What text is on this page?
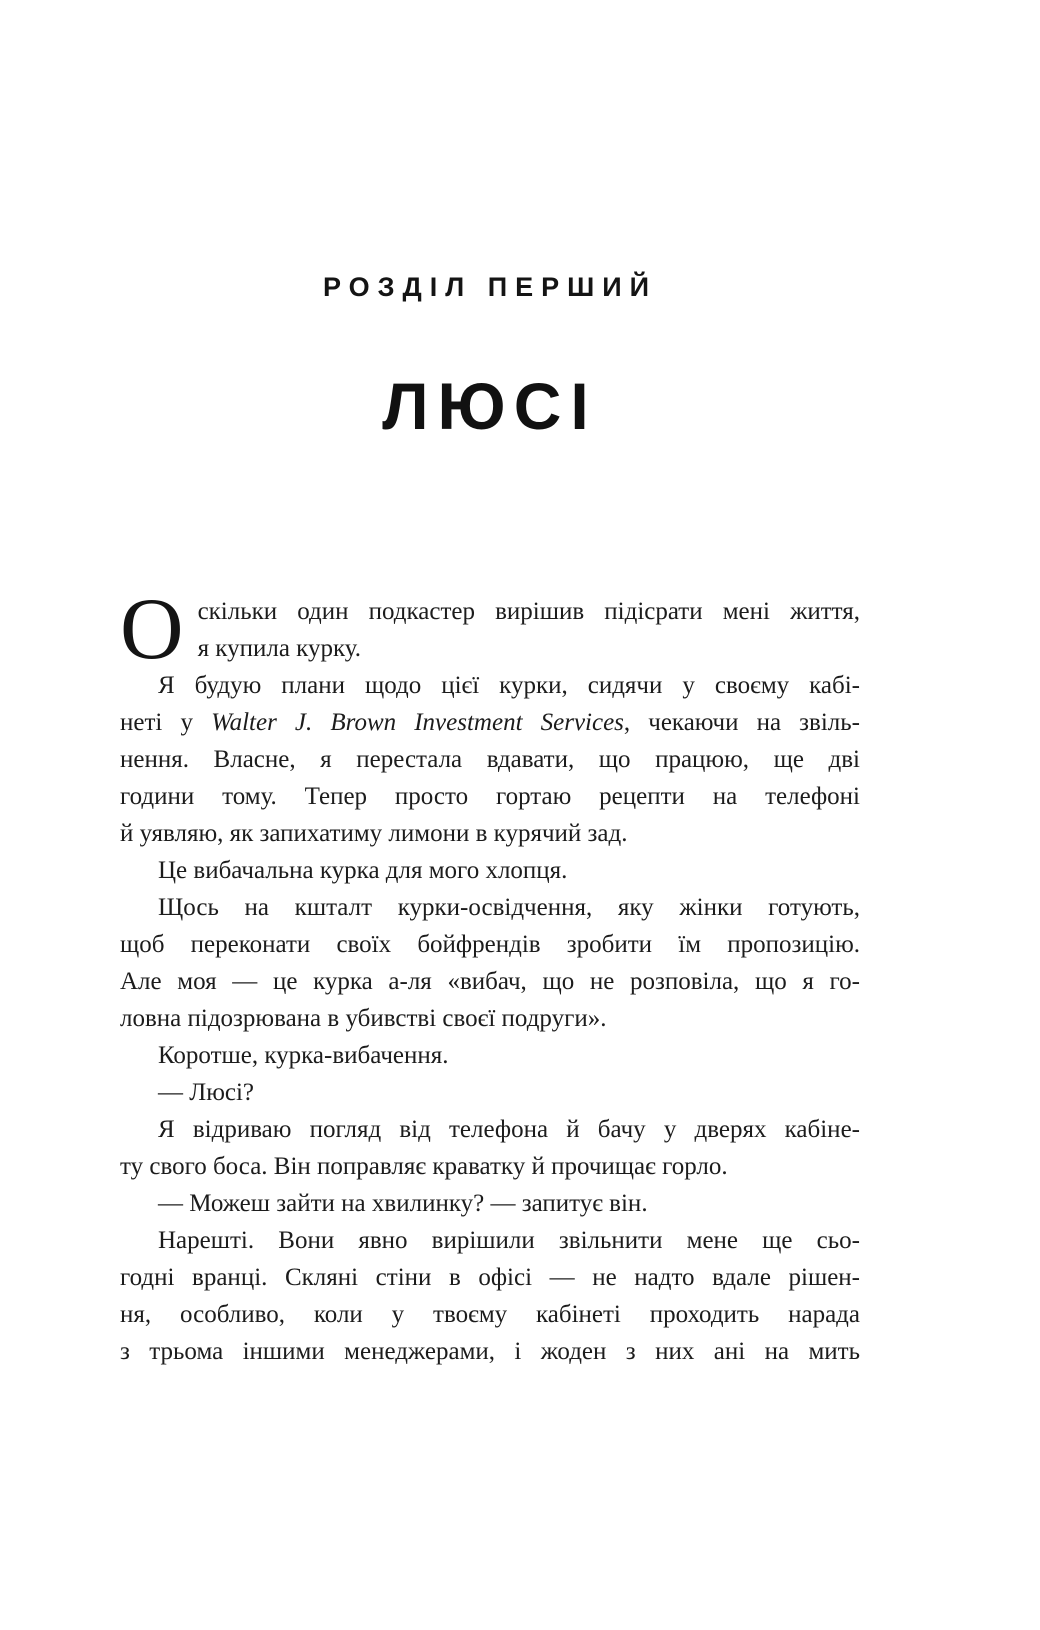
РОЗДІЛ ПЕРШИЙ
ЛЮСІ
О скільки один подкастер вирішив підісрати мені життя,
я купила курку.
Я будую плани щодо цієї курки, сидячи у своєму кабі-
неті у Walter J. Brown Investment Services, чекаючи на звіль-
нення. Власне, я перестала вдавати, що працюю, ще дві
години тому. Тепер просто гортаю рецепти на телефоні
й уявляю, як запихатиму лимони в курячий зад.
Це вибачальна курка для мого хлопця.
Щось на кшталт курки-освідчення, яку жінки готують,
щоб переконати своїх бойфрендів зробити їм пропозицію.
Але моя — це курка а-ля «вибач, що не розповіла, що я го-
ловна підозрювана в убивстві своєї подруги».
Коротше, курка-вибачення.
— Люсі?
Я відриваю погляд від телефона й бачу у дверях кабіне-
ту свого боса. Він поправляє краватку й прочищає горло.
— Можеш зайти на хвилинку? — запитує він.
Нарешті. Вони явно вирішили звільнити мене ще сьо-
годні вранці. Скляні стіни в офісі — не надто вдале рішен-
ня, особливо, коли у твоєму кабінеті проходить нарада
з трьома іншими менеджерами, і жоден з них ані на мить
